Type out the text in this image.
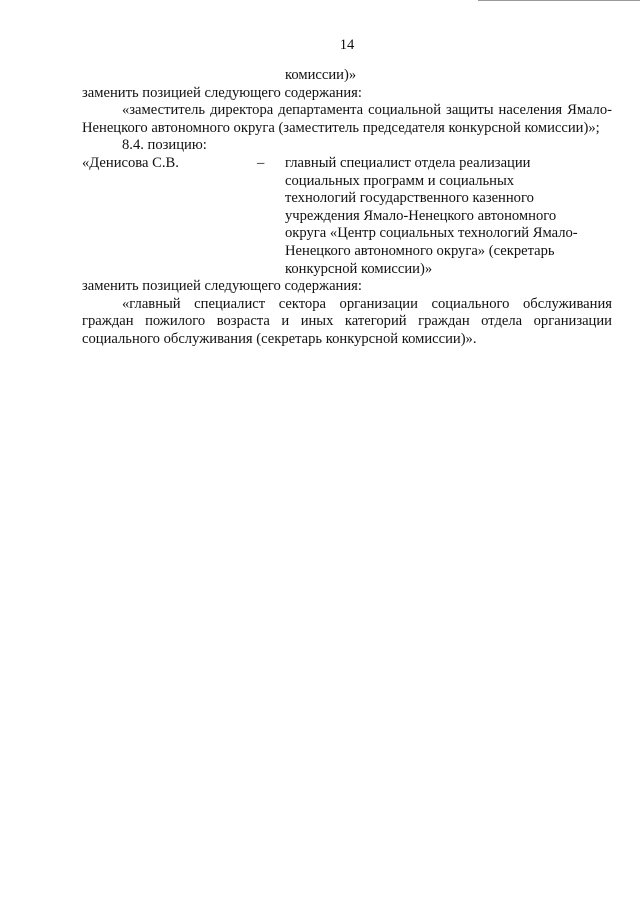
14

комиссии)»

заменить позицией следующего содержания:

«заместитель директора департамента социальной защиты населения Ямало-Ненецкого автономного округа (заместитель председателя конкурсной комиссии)»;

8.4. позицию:

«Денисова С.В.	–	главный специалист отдела реализации социальных программ и социальных технологий государственного казенного учреждения Ямало-Ненецкого автономного округа «Центр социальных технологий Ямало-Ненецкого автономного округа» (секретарь конкурсной комиссии)»

заменить позицией следующего содержания:

«главный специалист сектора организации социального обслуживания граждан пожилого возраста и иных категорий граждан отдела организации социального обслуживания (секретарь конкурсной комиссии)».
